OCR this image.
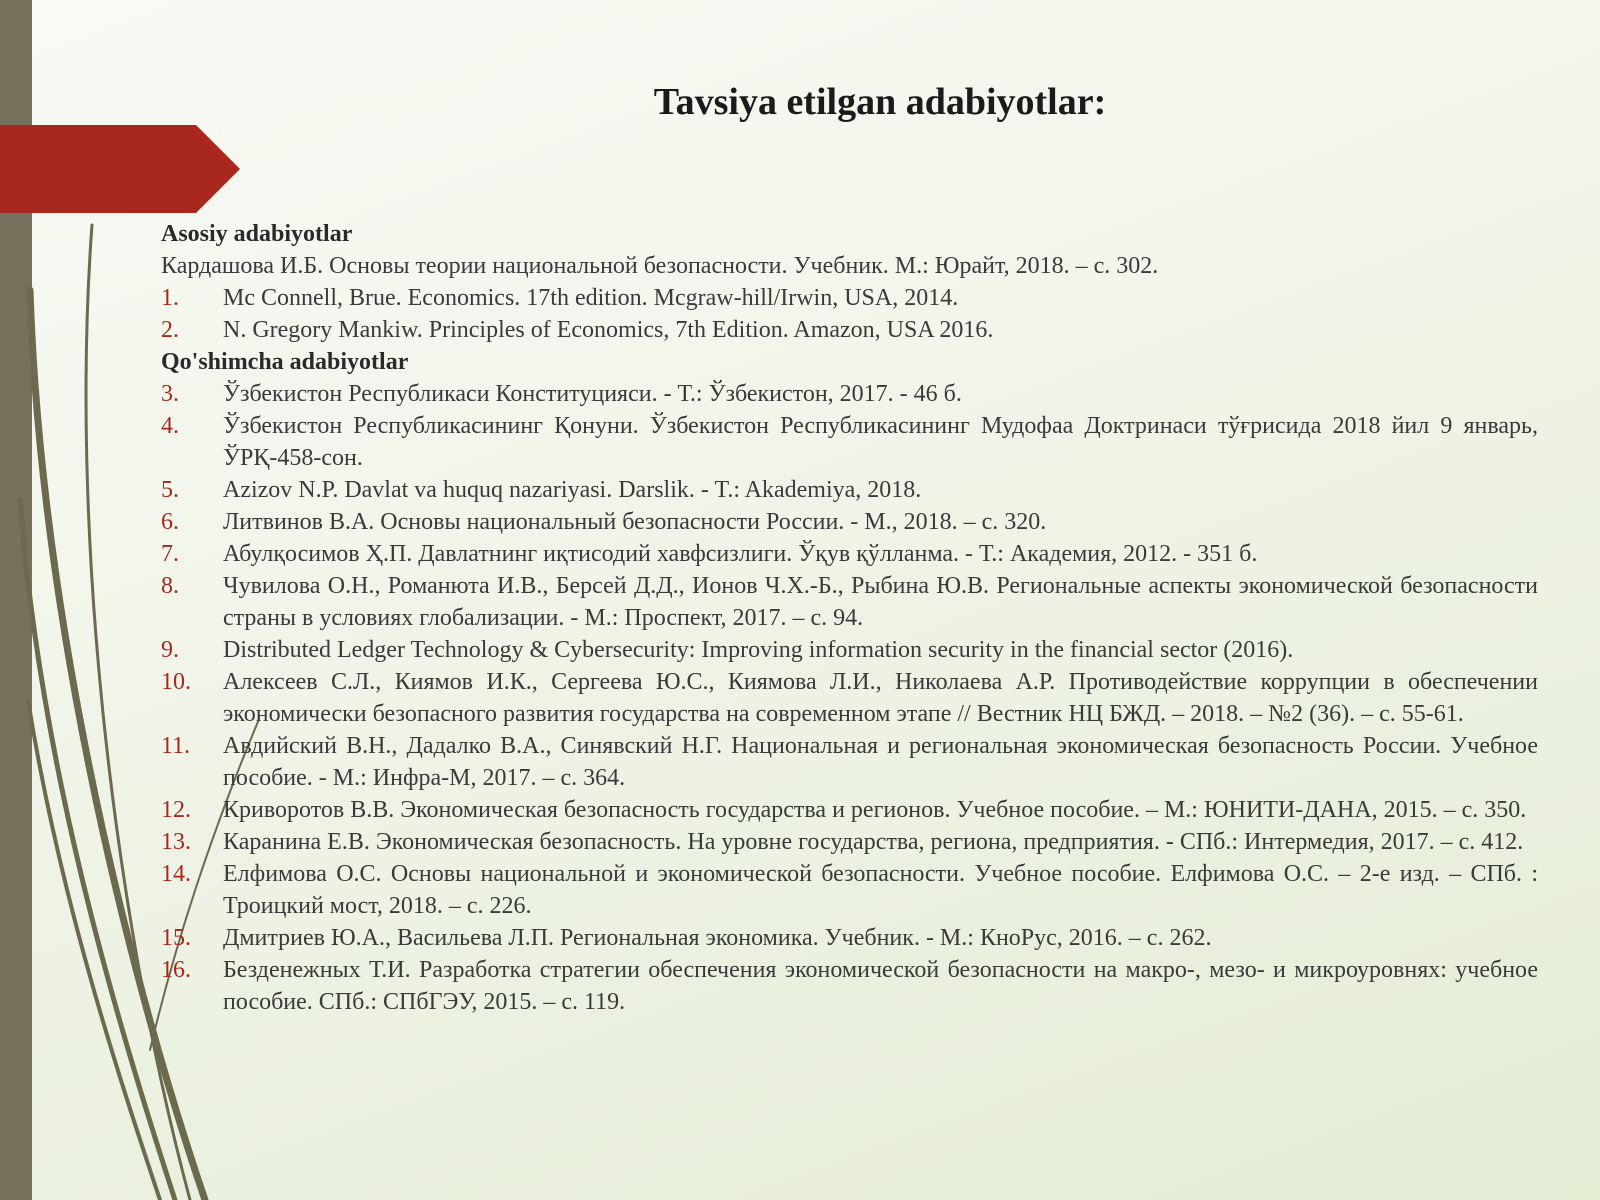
Tavsiya etilgan adabiyotlar:
Asosiy adabiyotlar
Кардашова И.Б. Основы теории национальной безопасности. Учебник. М.: Юрайт, 2018. – с. 302.
1.	Mc Connell, Brue. Economics. 17th edition. Mcgraw-hill/Irwin, USA, 2014.
2.	N. Gregory Mankiw. Principles of Economics, 7th Edition. Amazon, USA 2016.
Qo'shimcha adabiyotlar
3.	Ўзбекистон Республикаси Конституцияси. - Т.: Ўзбекистон, 2017. - 46 б.
4.	Ўзбекистон Республикасининг Қонуни. Ўзбекистон Республикасининг Мудофаа Доктринаси тўғрисида 2018 йил 9 январь, ЎРҚ-458-сон.
5.	Azizov N.P. Davlat va huquq nazariyasi. Darslik. - T.: Akademiya, 2018.
6.	Литвинов В.А. Основы национальный безопасности России. - М., 2018. – с. 320.
7.	Абулқосимов Ҳ.П. Давлатнинг иқтисодий хавфсизлиги. Ўқув қўлланма. - Т.: Академия, 2012. - 351 б.
8.	Чувилова О.Н., Романюта И.В., Берсей Д.Д., Ионов Ч.Х.-Б., Рыбина Ю.В. Региональные аспекты экономической безопасности страны в условиях глобализации. - М.: Проспект, 2017. – с. 94.
9.	Distributed Ledger Technology & Cybersecurity: Improving information security in the financial sector (2016).
10.	Алексеев С.Л., Киямов И.К., Сергеева Ю.С., Киямова Л.И., Николаева А.Р. Противодействие коррупции в обеспечении экономически безопасного развития государства на современном этапе // Вестник НЦ БЖД. – 2018. – №2 (36). – с. 55-61.
11.	Авдийский В.Н., Дадалко В.А., Синявский Н.Г. Национальная и региональная экономическая безопасность России. Учебное пособие. - М.: Инфра-М, 2017. – с. 364.
12.	Криворотов В.В. Экономическая безопасность государства и регионов. Учебное пособие. – М.: ЮНИТИ-ДАНА, 2015. – с. 350.
13.	Каранина Е.В. Экономическая безопасность. На уровне государства, региона, предприятия. - СПб.: Интермедия, 2017. – с. 412.
14.	Елфимова О.С. Основы национальной и экономической безопасности. Учебное пособие. Елфимова О.С. – 2-е изд. – СПб. : Троицкий мост, 2018. – с. 226.
15.	Дмитриев Ю.А., Васильева Л.П. Региональная экономика. Учебник. - М.: КноРус, 2016. – с. 262.
16.	Безденежных Т.И. Разработка стратегии обеспечения экономической безопасности на макро-, мезо- и микроуровнях: учебное пособие. СПб.: СПбГЭУ, 2015. – с. 119.
